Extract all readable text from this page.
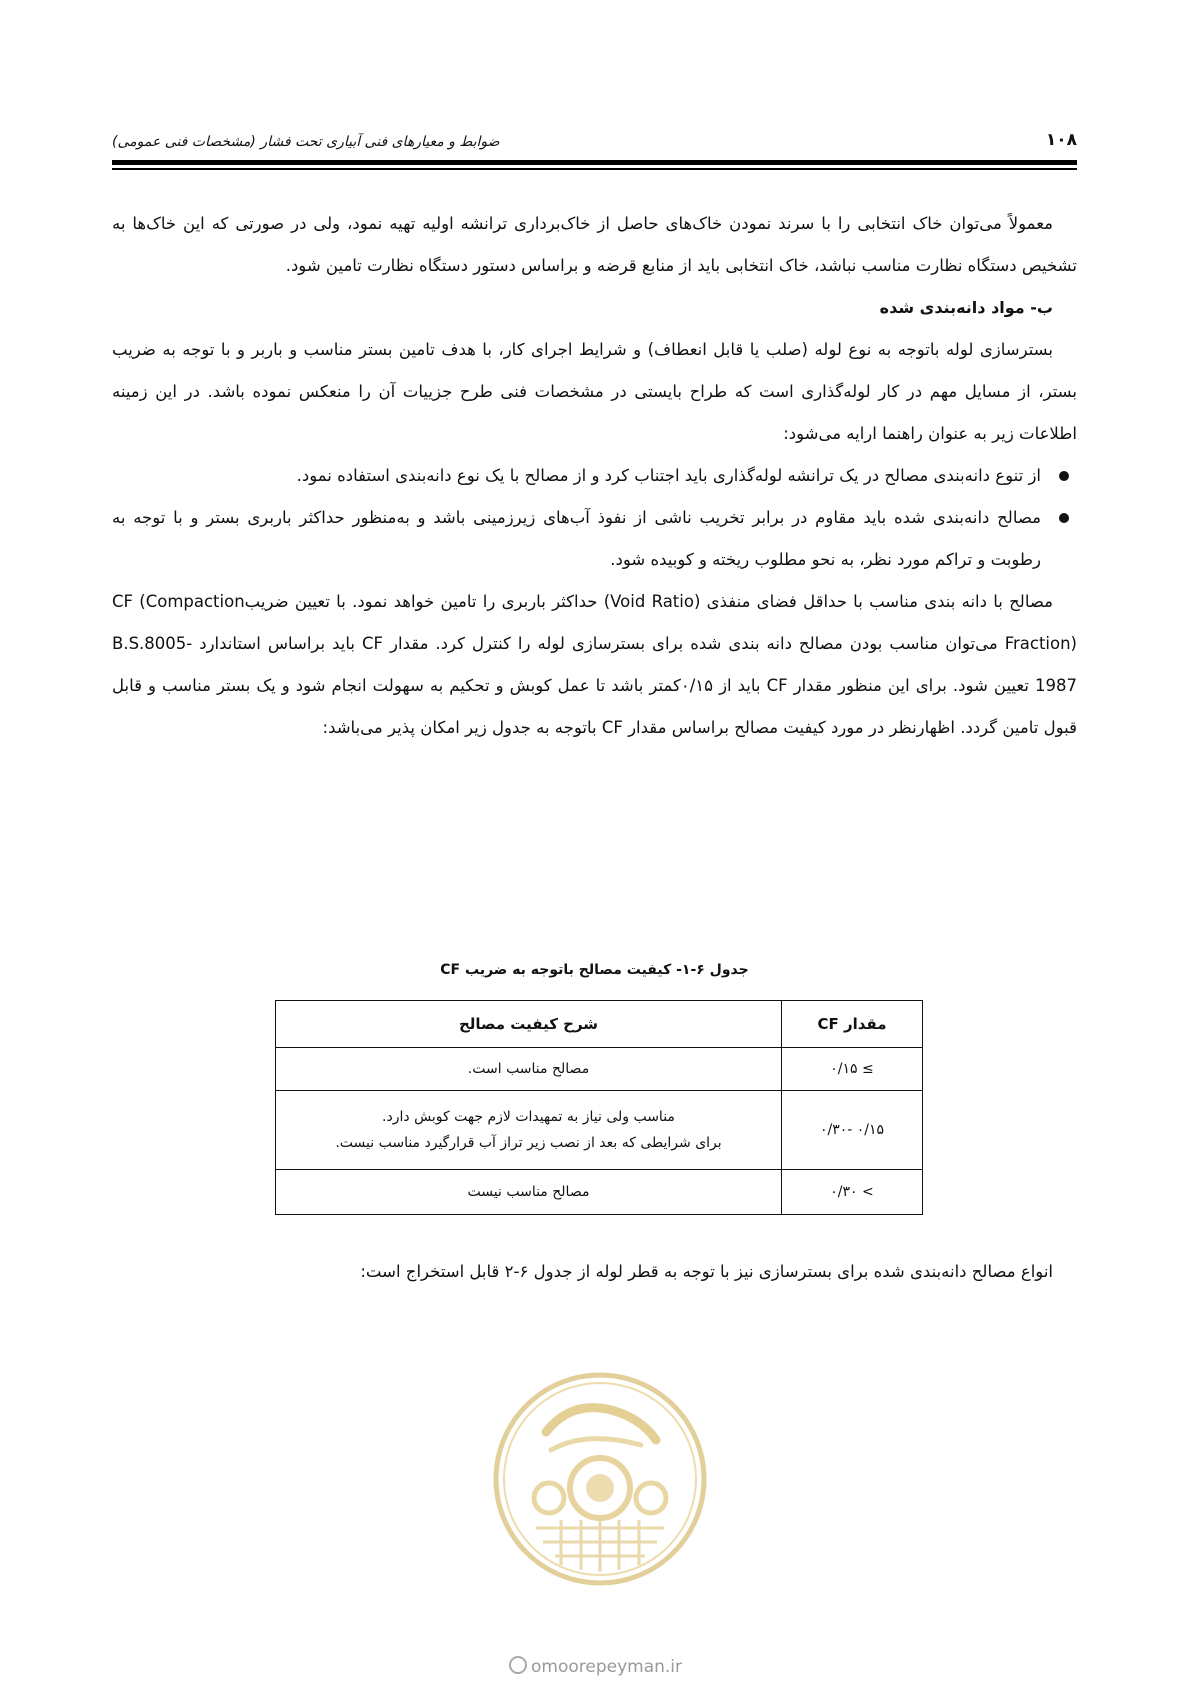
۱۰۸
ضوابط و معیارهای فنی آبیاری تحت فشار (مشخصات فنی عمومی)

معمولاً می‌توان خاک انتخابی را با سرند نمودن خاک‌های حاصل از خاک‌برداری ترانشه اولیه تهیه نمود، ولی در صورتی که این خاک‌ها به تشخیص دستگاه نظارت مناسب نباشد، خاک انتخابی باید از منابع قرضه و براساس دستور دستگاه نظارت تامین شود.

ب- مواد دانه‌بندی شده

بسترسازی لوله باتوجه به نوع لوله (صلب یا قابل انعطاف) و شرایط اجرای کار، با هدف تامین بستر مناسب و باربر و با توجه به ضریب بستر، از مسایل مهم در کار لوله‌گذاری است که طراح بایستی در مشخصات فنی طرح جزییات آن را منعکس نموده باشد. در این زمینه اطلاعات زیر به عنوان راهنما ارایه می‌شود:

از تنوع دانه‌بندی مصالح در یک ترانشه لوله‌گذاری باید اجتناب کرد و از مصالح با یک نوع دانه‌بندی استفاده نمود.
مصالح دانه‌بندی شده باید مقاوم در برابر تخریب ناشی از نفوذ آب‌های زیرزمینی باشد و به‌منظور حداکثر باربری بستر و با توجه به رطوبت و تراکم مورد نظر، به نحو مطلوب ریخته و کوبیده شود.

مصالح با دانه بندی مناسب با حداقل فضای منفذی (Void Ratio) حداکثر باربری را تامین خواهد نمود. با تعیین ضریبCF (Compaction Fraction) می‌توان مناسب بودن مصالح دانه بندی شده برای بسترسازی لوله را کنترل کرد. مقدار CF باید براساس استاندارد B.S.8005-1987 تعیین شود. برای این منظور مقدار CF باید از ۰/۱۵کمتر باشد تا عمل کوبش و تحکیم به سهولت انجام شود و یک بستر مناسب و قابل قبول تامین گردد. اظهارنظر در مورد کیفیت مصالح براساس مقدار CF باتوجه به جدول زیر امکان پذیر می‌باشد:

جدول ۶-۱- کیفیت مصالح باتوجه به ضریب CF
مقدار CF	شرح کیفیت مصالح
≥ ۰/۱۵	مصالح مناسب است.
۰/۱۵ -۰/۳۰	مناسب ولی نیاز به تمهیدات لازم جهت کوبش دارد.
برای شرایطی که بعد از نصب زیر تراز آب قرارگیرد مناسب نیست.

> ۰/۳۰	مصالح مناسب نیست
انواع مصالح دانه‌بندی شده برای بسترسازی نیز با توجه به قطر لوله از جدول ۶-۲ قابل استخراج است:
omoorepeyman.ir
